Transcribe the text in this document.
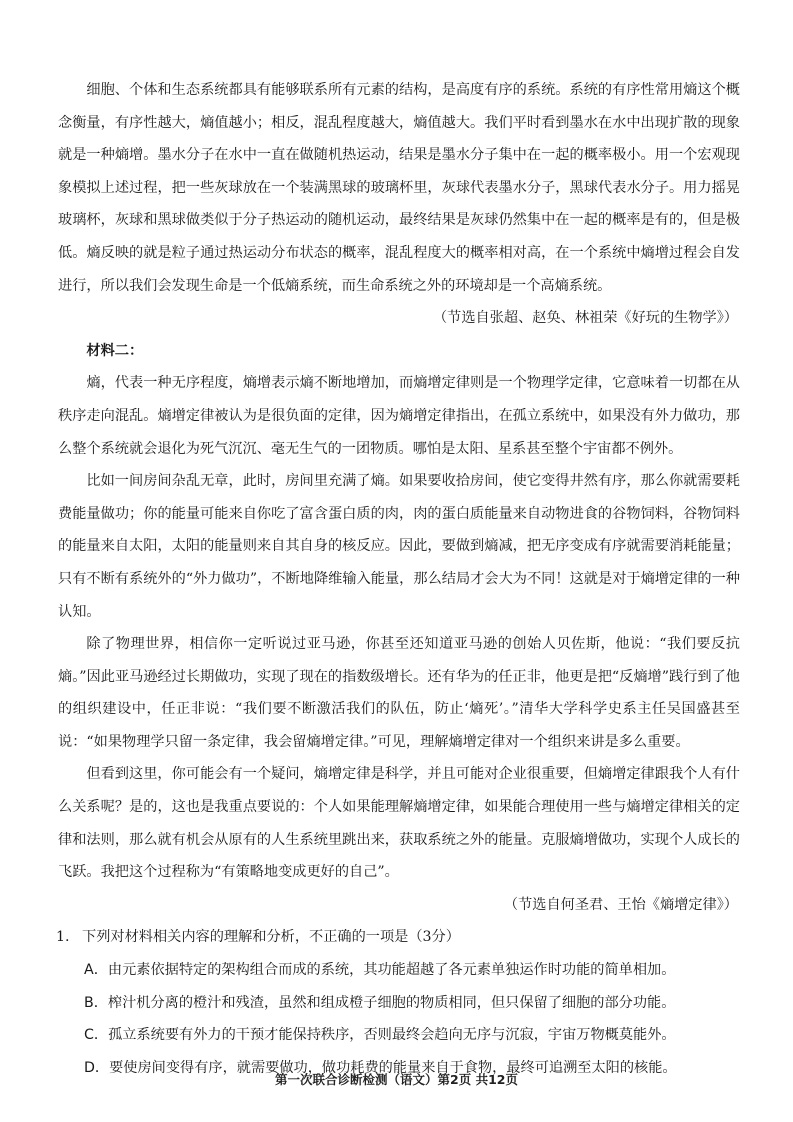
细胞、个体和生态系统都具有能够联系所有元素的结构，是高度有序的系统。系统的有序性常用熵这个概念衡量，有序性越大，熵值越小；相反，混乱程度越大，熵值越大。我们平时看到墨水在水中出现扩散的现象就是一种熵增。墨水分子在水中一直在做随机热运动，结果是墨水分子集中在一起的概率极小。用一个宏观现象模拟上述过程，把一些灰球放在一个装满黑球的玻璃杯里，灰球代表墨水分子，黑球代表水分子。用力摇晃玻璃杯，灰球和黑球做类似于分子热运动的随机运动，最终结果是灰球仍然集中在一起的概率是有的，但是极低。熵反映的就是粒子通过热运动分布状态的概率，混乱程度大的概率相对高，在一个系统中熵增过程会自发进行，所以我们会发现生命是一个低熵系统，而生命系统之外的环境却是一个高熵系统。

（节选自张超、赵奂、林祖荣《好玩的生物学》）

材料二：

熵，代表一种无序程度，熵增表示熵不断地增加，而熵增定律则是一个物理学定律，它意味着一切都在从秩序走向混乱。熵增定律被认为是很负面的定律，因为熵增定律指出，在孤立系统中，如果没有外力做功，那么整个系统就会退化为死气沉沉、毫无生气的一团物质。哪怕是太阳、星系甚至整个宇宙都不例外。

比如一间房间杂乱无章，此时，房间里充满了熵。如果要收拾房间，使它变得井然有序，那么你就需要耗费能量做功；你的能量可能来自你吃了富含蛋白质的肉，肉的蛋白质能量来自动物进食的谷物饲料，谷物饲料的能量来自太阳，太阳的能量则来自其自身的核反应。因此，要做到熵减，把无序变成有序就需要消耗能量；只有不断有系统外的“外力做功”，不断地降维输入能量，那么结局才会大为不同！这就是对于熵增定律的一种认知。

除了物理世界，相信你一定听说过亚马逊，你甚至还知道亚马逊的创始人贝佐斯，他说：“我们要反抗熵。”因此亚马逊经过长期做功，实现了现在的指数级增长。还有华为的任正非，他更是把“反熵增”践行到了他的组织建设中，任正非说：“我们要不断激活我们的队伍，防止‘熵死’。”清华大学科学史系主任吴国盛甚至说：“如果物理学只留一条定律，我会留熵增定律。”可见，理解熵增定律对一个组织来讲是多么重要。

但看到这里，你可能会有一个疑问，熵增定律是科学，并且可能对企业很重要，但熵增定律跟我个人有什么关系呢？是的，这也是我重点要说的：个人如果能理解熵增定律，如果能合理使用一些与熵增定律相关的定律和法则，那么就有机会从原有的人生系统里跳出来，获取系统之外的能量。克服熵增做功，实现个人成长的飞跃。我把这个过程称为“有策略地变成更好的自己”。

（节选自何圣君、王怡《熵增定律》）

1. 下列对材料相关内容的理解和分析，不正确的一项是（3分）

A．由元素依据特定的架构组合而成的系统，其功能超越了各元素单独运作时功能的简单相加。
B．榨汁机分离的橙汁和残渣，虽然和组成橙子细胞的物质相同，但只保留了细胞的部分功能。
C．孤立系统要有外力的干预才能保持秩序，否则最终会趋向无序与沉寂，宇宙万物概莫能外。
D．要使房间变得有序，就需要做功，做功耗费的能量来自于食物，最终可追溯至太阳的核能。
第一次联合诊断检测（语文）第2页 共12页
